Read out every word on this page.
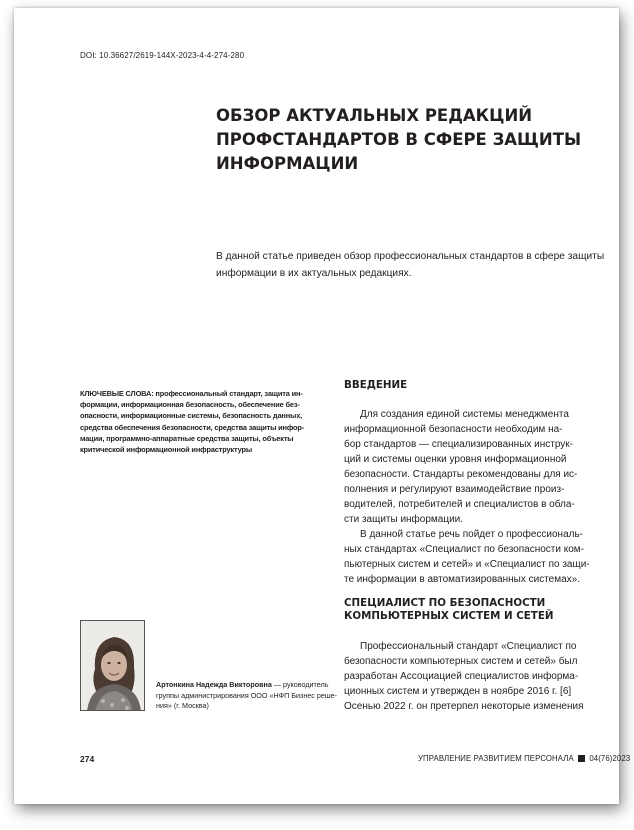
DOI: 10.36627/2619-144X-2023-4-4-274-280
ОБЗОР АКТУАЛЬНЫХ РЕДАКЦИЙ
ПРОФСТАНДАРТОВ В СФЕРЕ ЗАЩИТЫ
ИНФОРМАЦИИ
В данной статье приведен обзор профессиональных стандартов в сфере защиты
информации в их актуальных редакциях.
КЛЮЧЕВЫЕ СЛОВА: профессиональный стандарт, защита ин-
формации, информационная безопасность, обеспечение без-
опасности, информационные системы, безопасность данных,
средства обеспечения безопасности, средства защиты инфор-
мации, программно-аппаратные средства защиты, объекты
критической информационной инфраструктуры
ВВЕДЕНИЕ
Для создания единой системы менеджмента
информационной безопасности необходим на-
бор стандартов — специализированных инструк-
ций и системы оценки уровня информационной
безопасности. Стандарты рекомендованы для ис-
полнения и регулируют взаимодействие произ-
водителей, потребителей и специалистов в обла-
сти защиты информации.
В данной статье речь пойдет о профессиональ-
ных стандартах «Специалист по безопасности ком-
пьютерных систем и сетей» и «Специалист по защи-
те информации в автоматизированных системах».
СПЕЦИАЛИСТ ПО БЕЗОПАСНОСТИ
КОМПЬЮТЕРНЫХ СИСТЕМ И СЕТЕЙ
Профессиональный стандарт «Специалист по
безопасности компьютерных систем и сетей» был
разработан Ассоциацией специалистов информа-
ционных систем и утвержден в ноябре 2016 г. [6]
Осенью 2022 г. он претерпел некоторые изменения
Артонкина Надежда Викторовна — руководитель
группы администрирования ООО «НФП Бизнес реше-
ния» (г. Москва)
274	УПРАВЛЕНИЕ РАЗВИТИЕМ ПЕРСОНАЛА 04(76)2023
